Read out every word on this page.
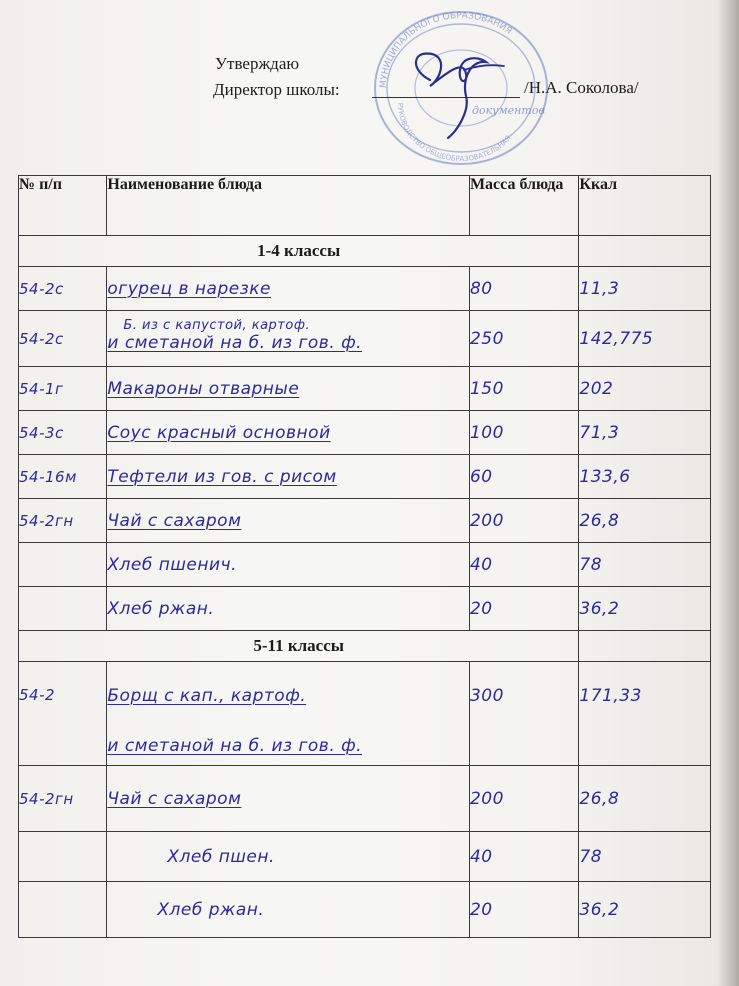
МУНИЦИПАЛЬНОГО ОБРАЗОВАНИЯ
РУКОВОДСТВО ОБЩЕОБРАЗОВАТЕЛЬНАЯ
документов
Утверждаю
Директор школы:	/Н.А. Соколова/
№ п/п	Наименование блюда	Масса блюда	Ккал
1-4 классы			
54-2с	огурец в нарезке	80	11,3
54-2с	Б. из с капустой, картоф.
и сметаной на б. из гов. ф.	250	142,775
54-1г	Макароны отварные	150	202
54-3с	Соус красный основной	100	71,3
54-16м	Тефтели из гов. с рисом	60	133,6
54-2гн	Чай с сахаром	200	26,8
	Хлеб пшенич.	40	78
	Хлеб ржан.	20	36,2
5-11 классы			
54-2	Борщ с кап., картоф.
и сметаной на б. из гов. ф.	300	171,33
54-2гн	Чай с сахаром	200	26,8
	Хлеб пшен.	40	78
	Хлеб ржан.	20	36,2
